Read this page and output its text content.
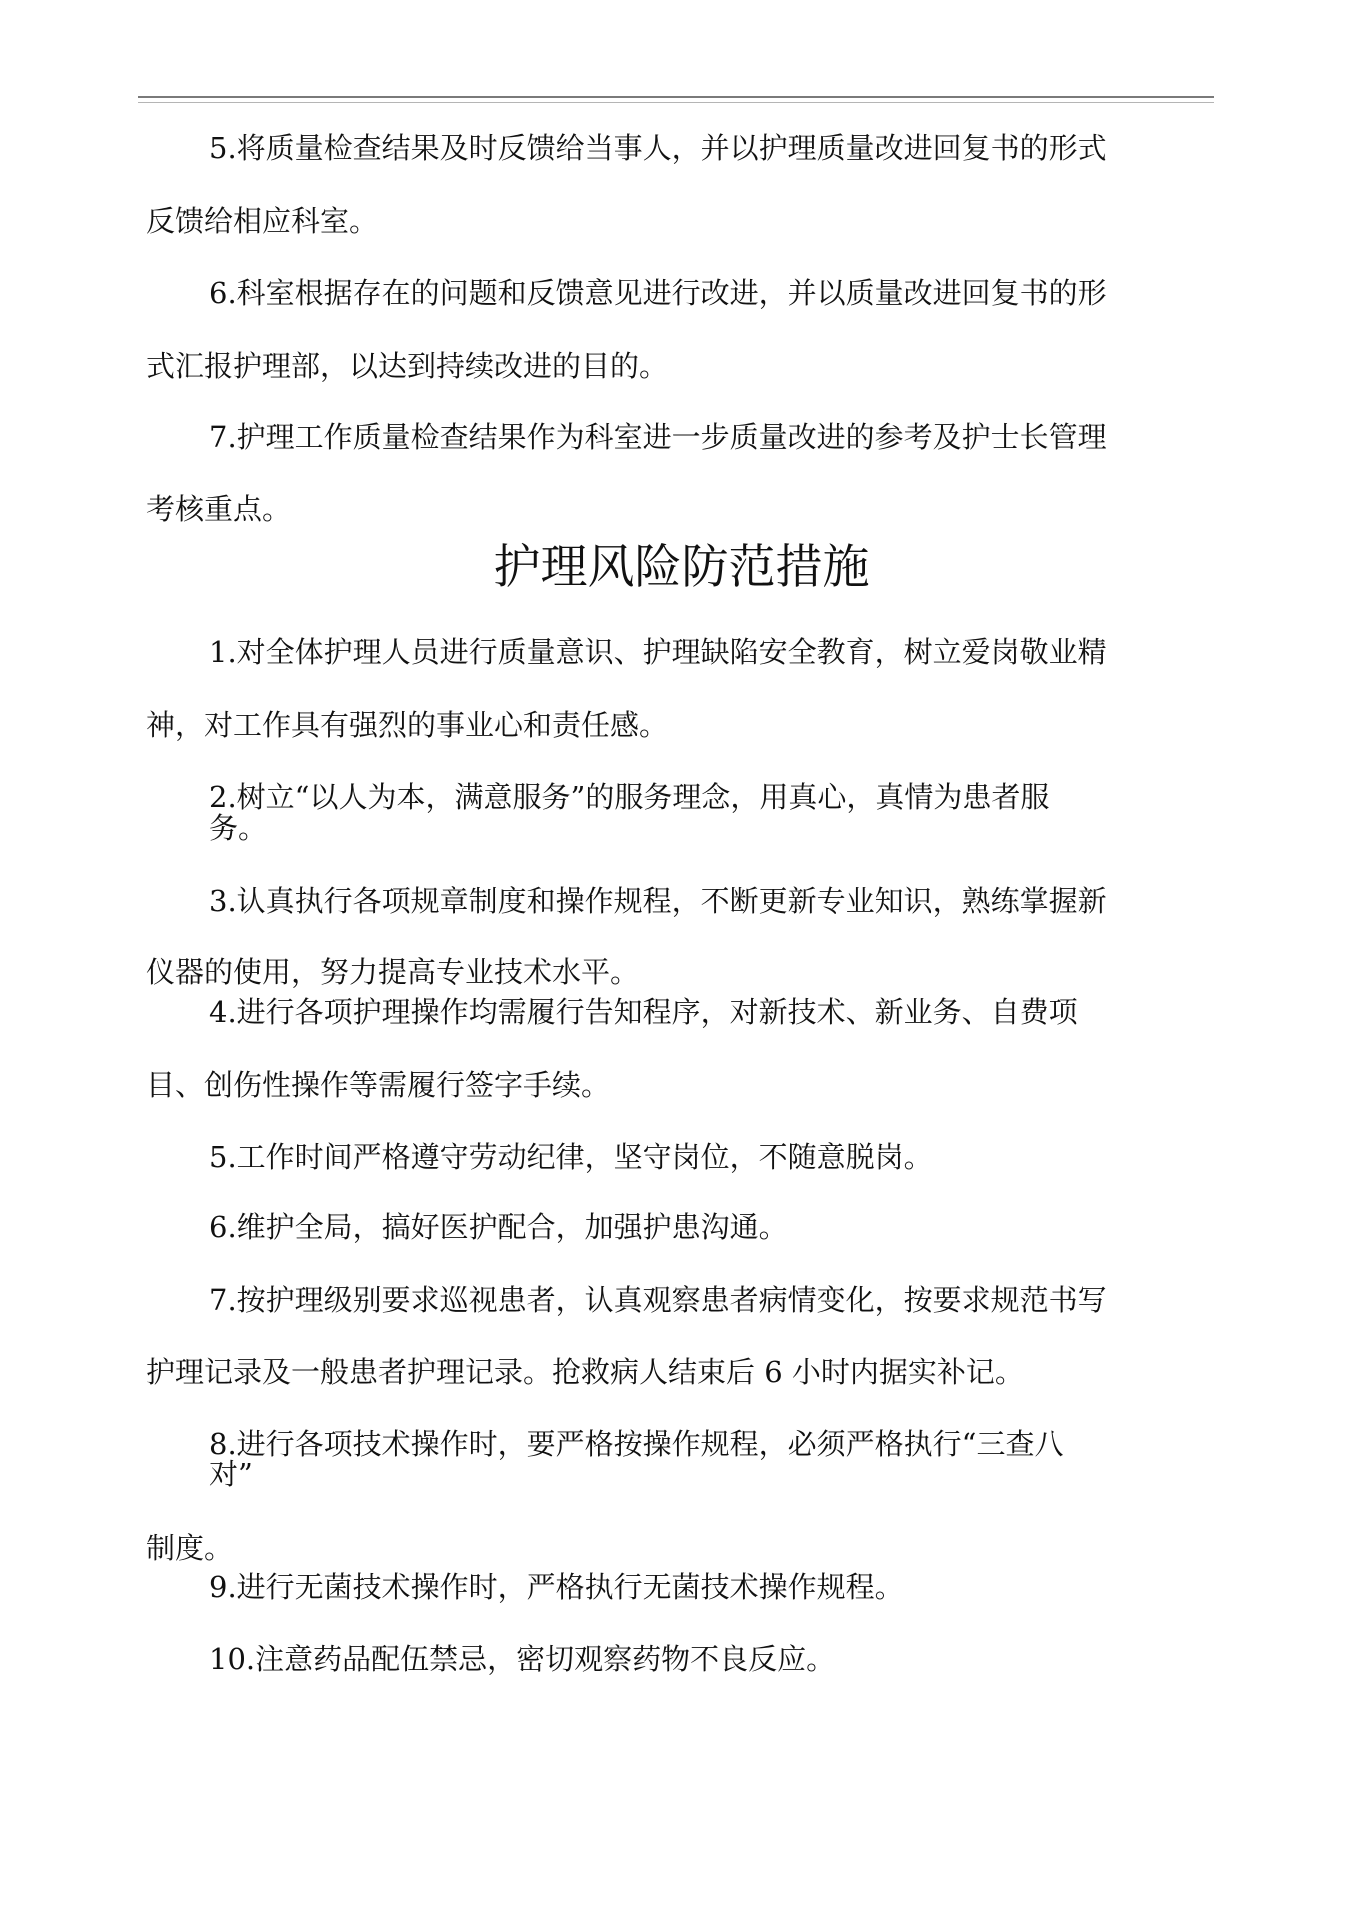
5.将质量检查结果及时反馈给当事人，并以护理质量改进回复书的形式

反馈给相应科室。

6.科室根据存在的问题和反馈意见进行改进，并以质量改进回复书的形

式汇报护理部，以达到持续改进的目的。

7.护理工作质量检查结果作为科室进一步质量改进的参考及护士长管理

考核重点。

护理风险防范措施

1.对全体护理人员进行质量意识、护理缺陷安全教育，树立爱岗敬业精

神，对工作具有强烈的事业心和责任感。

2.树立“以人为本，满意服务”的服务理念，用真心，真情为患者服

务。

3.认真执行各项规章制度和操作规程，不断更新专业知识，熟练掌握新

仪器的使用，努力提高专业技术水平。

4.进行各项护理操作均需履行告知程序，对新技术、新业务、自费项

目、创伤性操作等需履行签字手续。

5.工作时间严格遵守劳动纪律，坚守岗位，不随意脱岗。

6.维护全局，搞好医护配合，加强护患沟通。

7.按护理级别要求巡视患者，认真观察患者病情变化，按要求规范书写

护理记录及一般患者护理记录。抢救病人结束后 6 小时内据实补记。

8.进行各项技术操作时，要严格按操作规程，必须严格执行“三查八

对”

制度。

9.进行无菌技术操作时，严格执行无菌技术操作规程。

10.注意药品配伍禁忌，密切观察药物不良反应。
